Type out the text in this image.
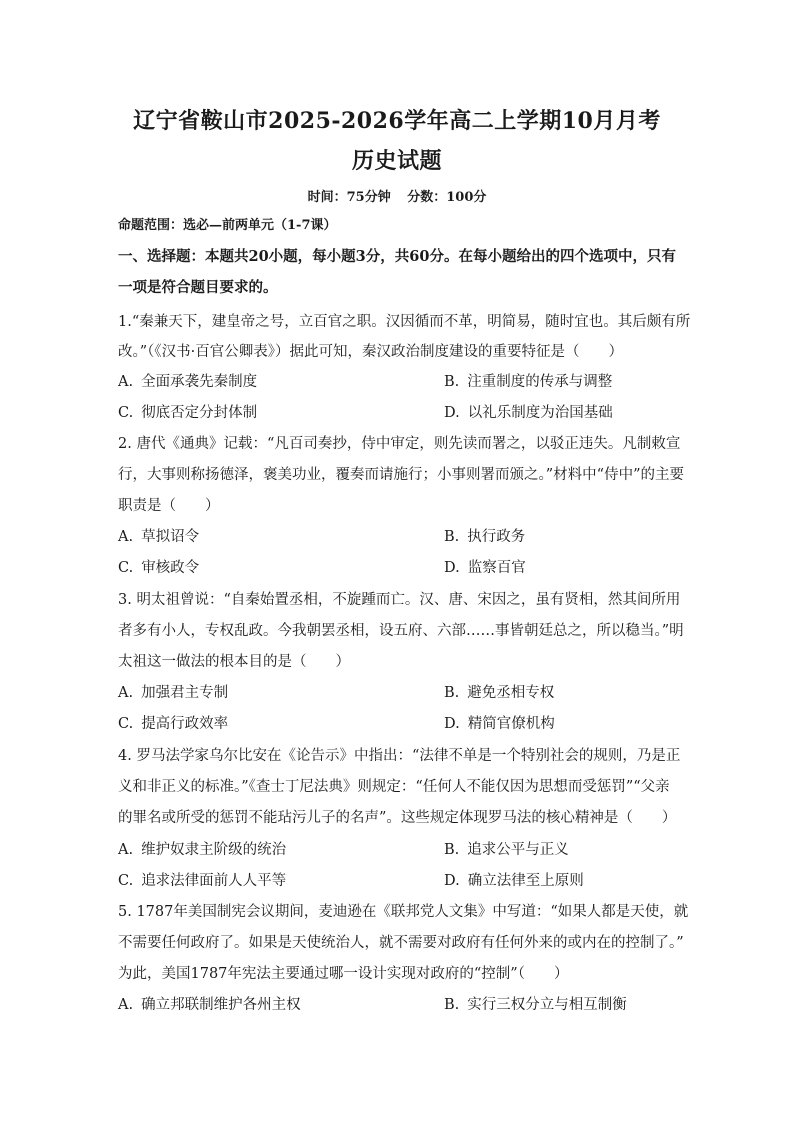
辽宁省鞍山市2025-2026学年高二上学期10月月考
历史试题
时间：75分钟 分数：100分
命题范围：选必—前两单元（1-7课）
一、选择题：本题共20小题，每小题3分，共60分。在每小题给出的四个选项中，只有
一项是符合题目要求的。
1.“秦兼天下，建皇帝之号，立百官之职。汉因循而不革，明简易，随时宜也。其后颇有所
改。”（《汉书·百官公卿表》）据此可知，秦汉政治制度建设的重要特征是（　　）
A. 全面承袭先秦制度	B. 注重制度的传承与调整
C. 彻底否定分封体制	D. 以礼乐制度为治国基础
2. 唐代《通典》记载：“凡百司奏抄，侍中审定，则先读而署之，以驳正违失。凡制敕宣
行，大事则称扬德泽，褒美功业，覆奏而请施行；小事则署而颁之。”材料中“侍中”的主要
职责是（　　）
A. 草拟诏令	B. 执行政务
C. 审核政令	D. 监察百官
3. 明太祖曾说：“自秦始置丞相，不旋踵而亡。汉、唐、宋因之，虽有贤相，然其间所用
者多有小人，专权乱政。今我朝罢丞相，设五府、六部……事皆朝廷总之，所以稳当。”明
太祖这一做法的根本目的是（　　）
A. 加强君主专制	B. 避免丞相专权
C. 提高行政效率	D. 精简官僚机构
4. 罗马法学家乌尔比安在《论告示》中指出：“法律不单是一个特别社会的规则，乃是正
义和非正义的标准。”《查士丁尼法典》则规定：“任何人不能仅因为思想而受惩罚”“父亲
的罪名或所受的惩罚不能玷污儿子的名声”。这些规定体现罗马法的核心精神是（　　）
A. 维护奴隶主阶级的统治	B. 追求公平与正义
C. 追求法律面前人人平等	D. 确立法律至上原则
5. 1787年美国制宪会议期间，麦迪逊在《联邦党人文集》中写道：“如果人都是天使，就
不需要任何政府了。如果是天使统治人，就不需要对政府有任何外来的或内在的控制了。”
为此，美国1787年宪法主要通过哪一设计实现对政府的“控制”（　　）
A. 确立邦联制维护各州主权	B. 实行三权分立与相互制衡
